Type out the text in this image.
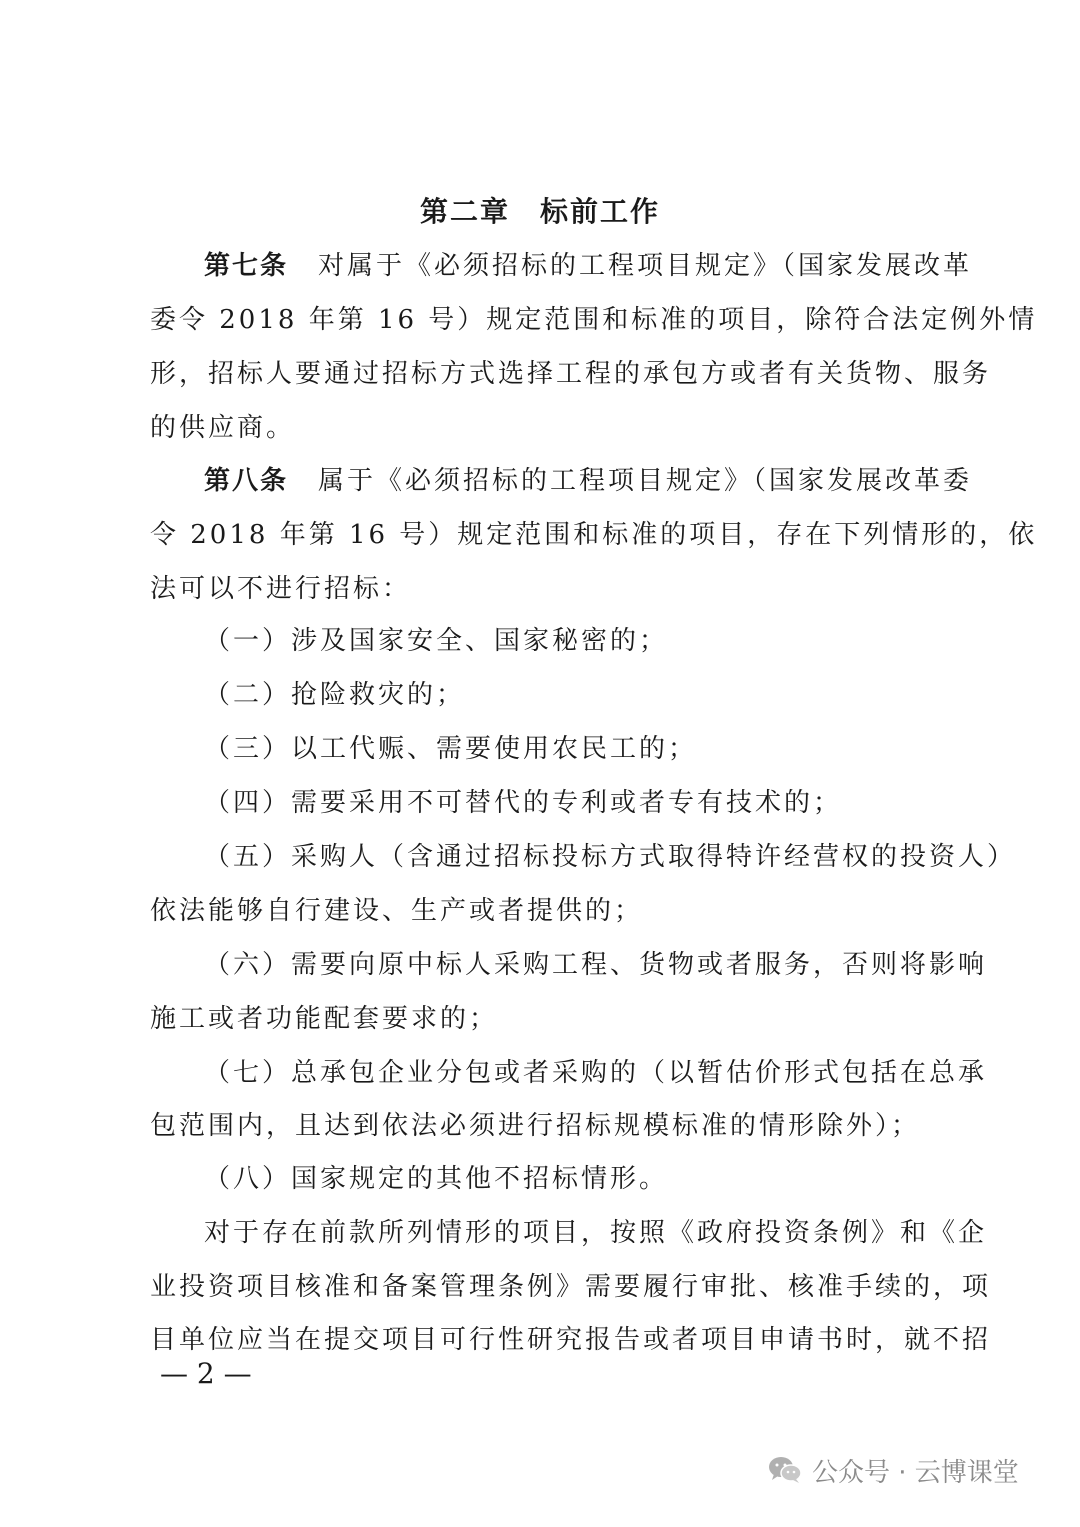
第二章　标前工作
第七条 对属于《必须招标的工程项目规定》（国家发展改革
委令 2018 年第 16 号）规定范围和标准的项目，除符合法定例外情
形，招标人要通过招标方式选择工程的承包方或者有关货物、服务
的供应商。
第八条 属于《必须招标的工程项目规定》（国家发展改革委
令 2018 年第 16 号）规定范围和标准的项目，存在下列情形的，依
法可以不进行招标：
（一）涉及国家安全、国家秘密的；
（二）抢险救灾的；
（三）以工代赈、需要使用农民工的；
（四）需要采用不可替代的专利或者专有技术的；
（五）采购人（含通过招标投标方式取得特许经营权的投资人）
依法能够自行建设、生产或者提供的；
（六）需要向原中标人采购工程、货物或者服务，否则将影响
施工或者功能配套要求的；
（七）总承包企业分包或者采购的（以暂估价形式包括在总承
包范围内，且达到依法必须进行招标规模标准的情形除外）；
（八）国家规定的其他不招标情形。
对于存在前款所列情形的项目，按照《政府投资条例》和《企
业投资项目核准和备案管理条例》需要履行审批、核准手续的，项
目单位应当在提交项目可行性研究报告或者项目申请书时，就不招
— 2 —
公众号 · 云博课堂
